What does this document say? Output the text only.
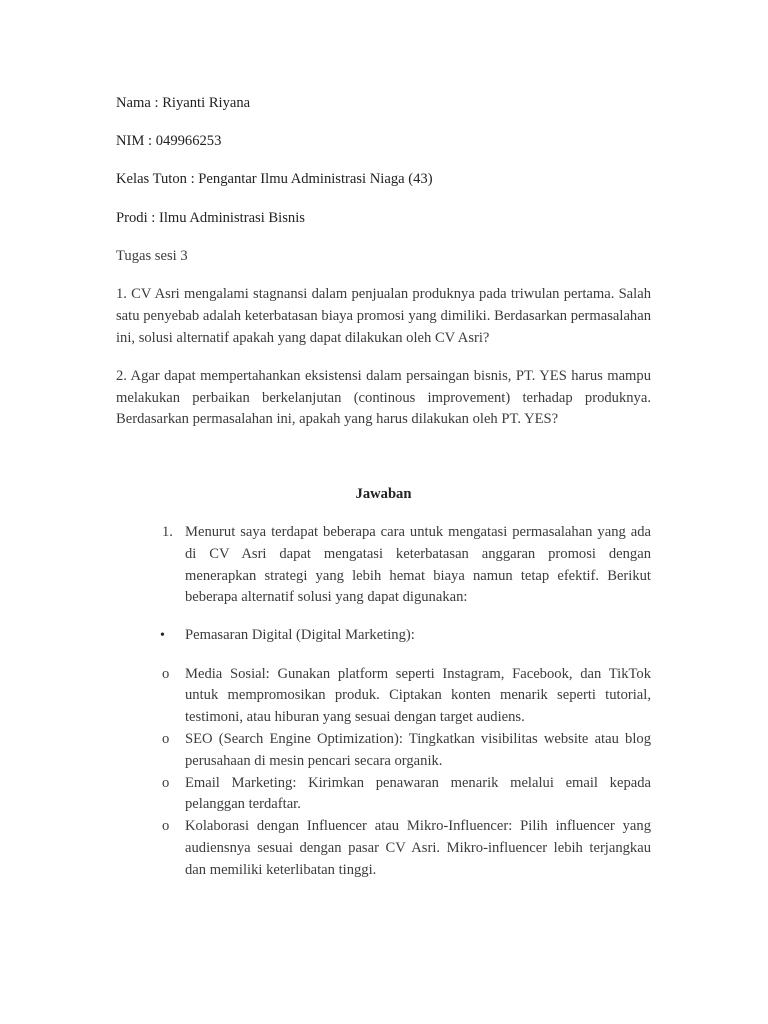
Nama : Riyanti Riyana
NIM : 049966253
Kelas Tuton : Pengantar Ilmu Administrasi Niaga (43)
Prodi : Ilmu Administrasi Bisnis
Tugas sesi 3
1. CV Asri mengalami stagnansi dalam penjualan produknya pada triwulan pertama. Salah satu penyebab adalah keterbatasan biaya promosi yang dimiliki. Berdasarkan permasalahan ini, solusi alternatif apakah yang dapat dilakukan oleh CV Asri?
2. Agar dapat mempertahankan eksistensi dalam persaingan bisnis, PT. YES harus mampu melakukan perbaikan berkelanjutan (continous improvement) terhadap produknya. Berdasarkan permasalahan ini, apakah yang harus dilakukan oleh PT. YES?
Jawaban
1. Menurut saya terdapat beberapa cara untuk mengatasi permasalahan yang ada di CV Asri dapat mengatasi keterbatasan anggaran promosi dengan menerapkan strategi yang lebih hemat biaya namun tetap efektif. Berikut beberapa alternatif solusi yang dapat digunakan:
• Pemasaran Digital (Digital Marketing):
o Media Sosial: Gunakan platform seperti Instagram, Facebook, dan TikTok untuk mempromosikan produk. Ciptakan konten menarik seperti tutorial, testimoni, atau hiburan yang sesuai dengan target audiens.
o SEO (Search Engine Optimization): Tingkatkan visibilitas website atau blog perusahaan di mesin pencari secara organik.
o Email Marketing: Kirimkan penawaran menarik melalui email kepada pelanggan terdaftar.
o Kolaborasi dengan Influencer atau Mikro-Influencer: Pilih influencer yang audiensnya sesuai dengan pasar CV Asri. Mikro-influencer lebih terjangkau dan memiliki keterlibatan tinggi.
